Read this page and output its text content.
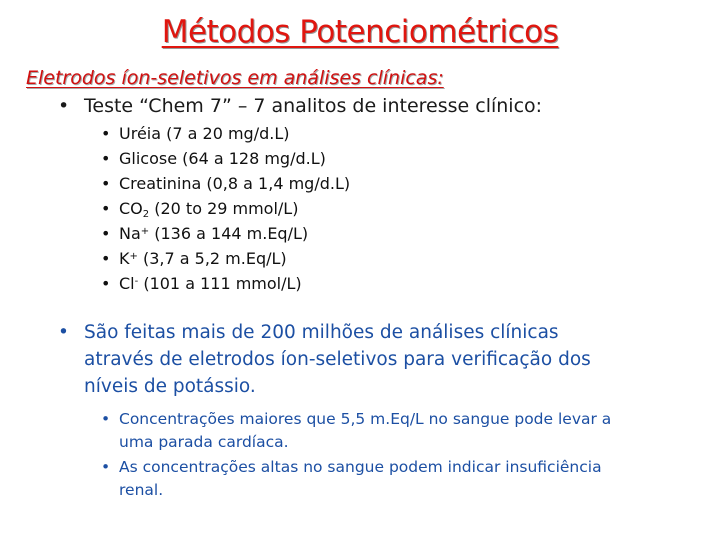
Métodos Potenciométricos
Eletrodos íon-seletivos em análises clínicas:
• Teste “Chem 7” – 7 analitos de interesse clínico:
• Uréia (7 a 20 mg/d.L)
• Glicose (64 a 128 mg/d.L)
• Creatinina (0,8 a 1,4 mg/d.L)
• $CO_2$ (20 to 29 mmol/L)
• Na+ (136 a 144 m.Eq/L)
• K+ (3,7 a 5,2 m.Eq/L)
• Cl- (101 a 111 mmol/L)
• São feitas mais de 200 milhões de análises clínicas
através de eletrodos íon-seletivos para verificação dos
níveis de potássio.
• Concentrações maiores que 5,5 m.Eq/L no sangue pode levar a
uma parada cardíaca.
• As concentrações altas no sangue podem indicar insuficiência
renal.
